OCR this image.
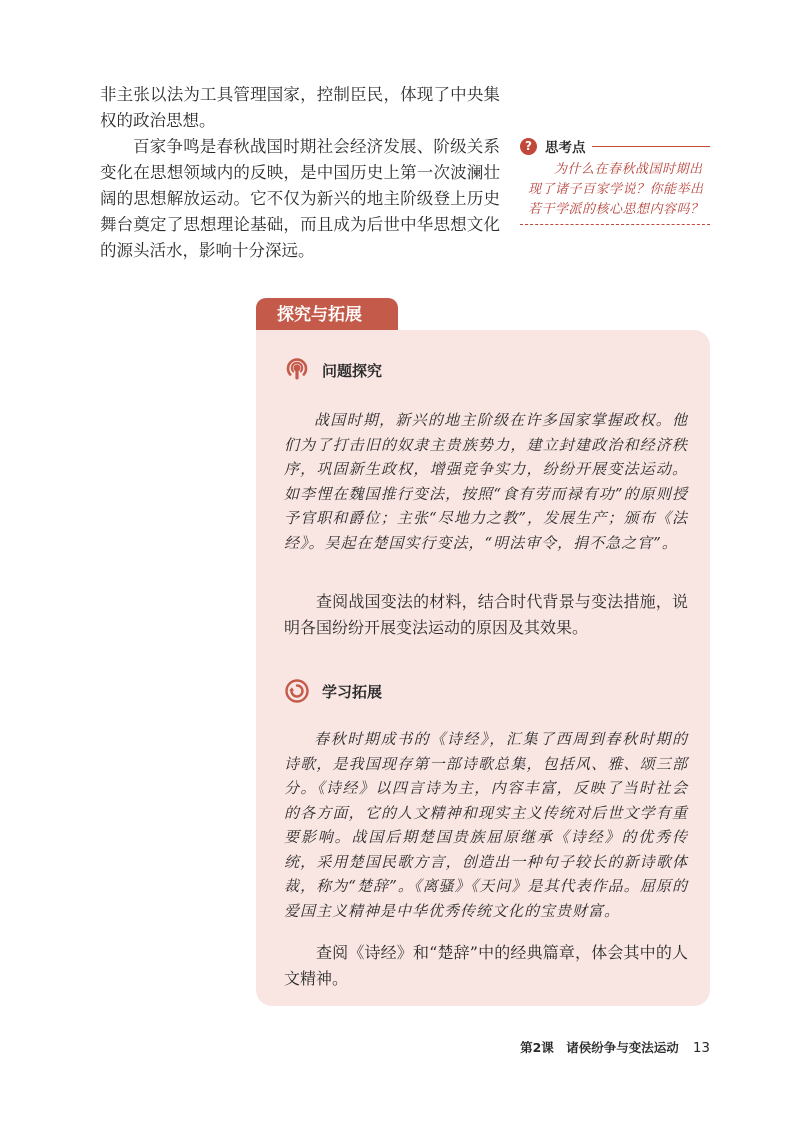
非主张以法为工具管理国家，控制臣民，体现了中央集权的政治思想。

百家争鸣是春秋战国时期社会经济发展、阶级关系变化在思想领域内的反映，是中国历史上第一次波澜壮阔的思想解放运动。它不仅为新兴的地主阶级登上历史舞台奠定了思想理论基础，而且成为后世中华思想文化的源头活水，影响十分深远。

? 思考点
为什么在春秋战国时期出现了诸子百家学说？你能举出若干学派的核心思想内容吗？
探究与拓展
问题探究

战国时期，新兴的地主阶级在许多国家掌握政权。他们为了打击旧的奴隶主贵族势力，建立封建政治和经济秩序，巩固新生政权，增强竞争实力，纷纷开展变法运动。如李悝在魏国推行变法，按照“食有劳而禄有功”的原则授予官职和爵位；主张“尽地力之教”，发展生产；颁布《法经》。吴起在楚国实行变法，“明法审令，捐不急之官”。

查阅战国变法的材料，结合时代背景与变法措施，说明各国纷纷开展变法运动的原因及其效果。

学习拓展

春秋时期成书的《诗经》，汇集了西周到春秋时期的诗歌，是我国现存第一部诗歌总集，包括风、雅、颂三部分。《诗经》以四言诗为主，内容丰富，反映了当时社会的各方面，它的人文精神和现实主义传统对后世文学有重要影响。战国后期楚国贵族屈原继承《诗经》的优秀传统，采用楚国民歌方言，创造出一种句子较长的新诗歌体裁，称为“楚辞”。《离骚》《天问》是其代表作品。屈原的爱国主义精神是中华优秀传统文化的宝贵财富。

查阅《诗经》和“楚辞”中的经典篇章，体会其中的人文精神。

第2课　诸侯纷争与变法运动 13
